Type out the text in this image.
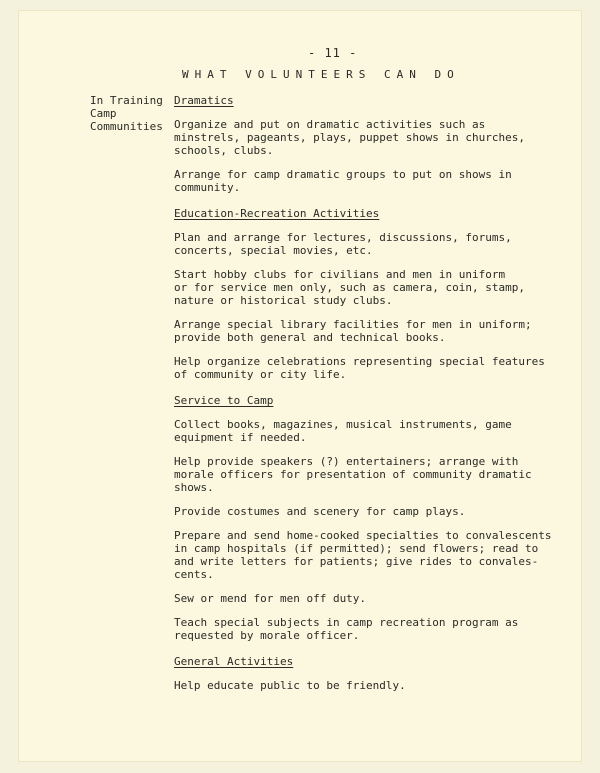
- 11 -
WHAT VOLUNTEERS CAN DO
In Training
Camp
Communities
Dramatics
Organize and put on dramatic activities such as
minstrels, pageants, plays, puppet shows in churches,
schools, clubs.
Arrange for camp dramatic groups to put on shows in
community.
Education-Recreation Activities
Plan and arrange for lectures, discussions, forums,
concerts, special movies, etc.
Start hobby clubs for civilians and men in uniform
or for service men only, such as camera, coin, stamp,
nature or historical study clubs.
Arrange special library facilities for men in uniform;
provide both general and technical books.
Help organize celebrations representing special features
of community or city life.
Service to Camp
Collect books, magazines, musical instruments, game
equipment if needed.
Help provide speakers (?) entertainers; arrange with
morale officers for presentation of community dramatic
shows.
Provide costumes and scenery for camp plays.
Prepare and send home-cooked specialties to convalescents
in camp hospitals (if permitted); send flowers; read to
and write letters for patients; give rides to convales-
cents.
Sew or mend for men off duty.
Teach special subjects in camp recreation program as
requested by morale officer.
General Activities
Help educate public to be friendly.
